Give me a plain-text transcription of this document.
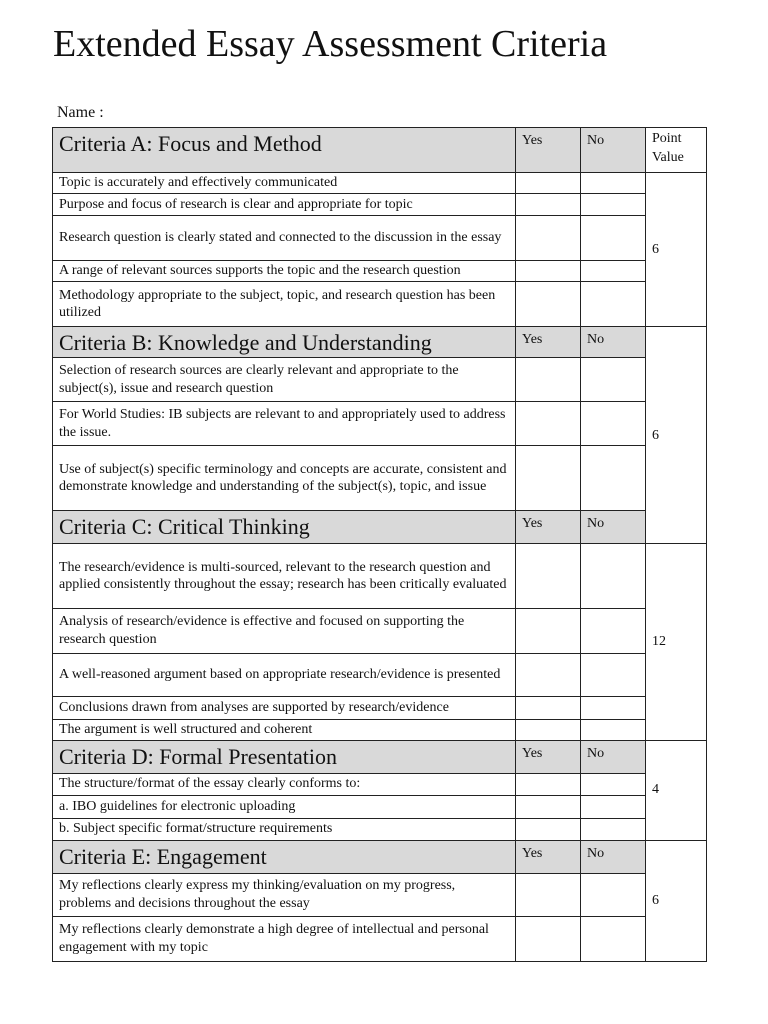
Extended Essay Assessment Criteria
Name :
Criteria A: Focus and Method	Yes	No	Point Value
Topic is accurately and effectively communicated			6
Purpose and focus of research is clear and appropriate for topic			
Research question is clearly stated and connected to the discussion in the essay			
A range of relevant sources supports the topic and the research question			
Methodology appropriate to the subject, topic, and research question has been utilized			
Criteria B: Knowledge and Understanding	Yes	No	6
Selection of research sources are clearly relevant and appropriate to the subject(s), issue and research question			
For World Studies: IB subjects are relevant to and appropriately used to address the issue.			
Use of subject(s) specific terminology and concepts are accurate, consistent and demonstrate knowledge and understanding of the subject(s), topic, and issue			
Criteria C: Critical Thinking	Yes	No	
The research/evidence is multi-sourced, relevant to the research question and applied consistently throughout the essay; research has been critically evaluated			12
Analysis of research/evidence is effective and focused on supporting the research question			
A well-reasoned argument based on appropriate research/evidence is presented			
Conclusions drawn from analyses are supported by research/evidence			
The argument is well structured and coherent			
Criteria D: Formal Presentation	Yes	No	4
The structure/format of the essay clearly conforms to:			
a. IBO guidelines for electronic uploading			
b. Subject specific format/structure requirements			
Criteria E: Engagement	Yes	No	6
My reflections clearly express my thinking/evaluation on my progress, problems and decisions throughout the essay			
My reflections clearly demonstrate a high degree of intellectual and personal engagement with my topic			
